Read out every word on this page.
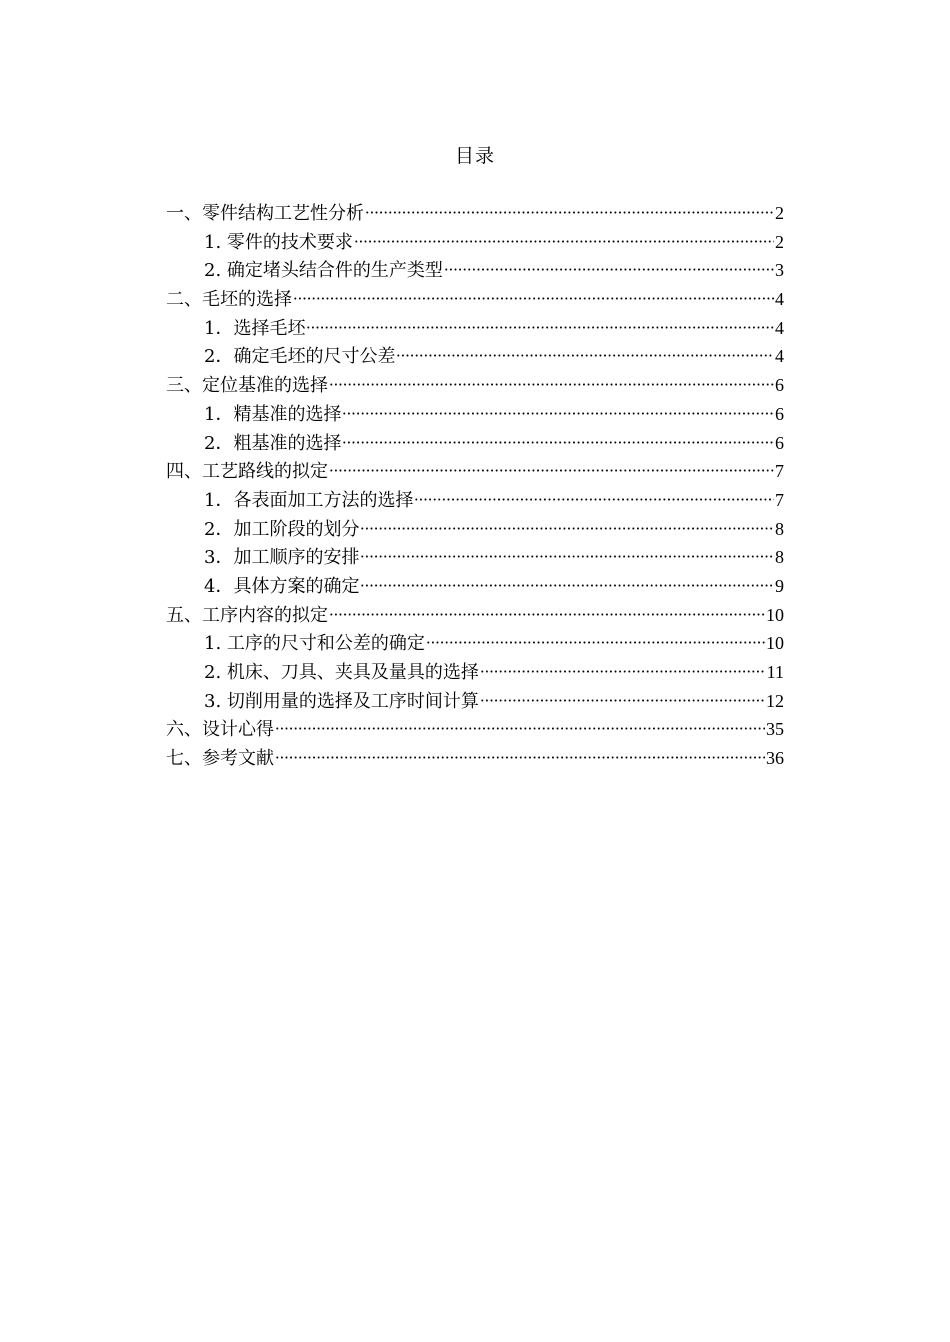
目录
一、零件结构工艺性分析	2
1. 零件的技术要求	2
2. 确定堵头结合件的生产类型	3
二、毛坯的选择	4
1．选择毛坯	4
2．确定毛坯的尺寸公差	4
三、定位基准的选择	6
1．精基准的选择	6
2．粗基准的选择	6
四、工艺路线的拟定	7
1．各表面加工方法的选择	7
2．加工阶段的划分	8
3．加工顺序的安排	8
4．具体方案的确定	9
五、工序内容的拟定	10
1. 工序的尺寸和公差的确定	10
2. 机床、刀具、夹具及量具的选择	11
3. 切削用量的选择及工序时间计算	12
六、设计心得	35
七、参考文献	36
